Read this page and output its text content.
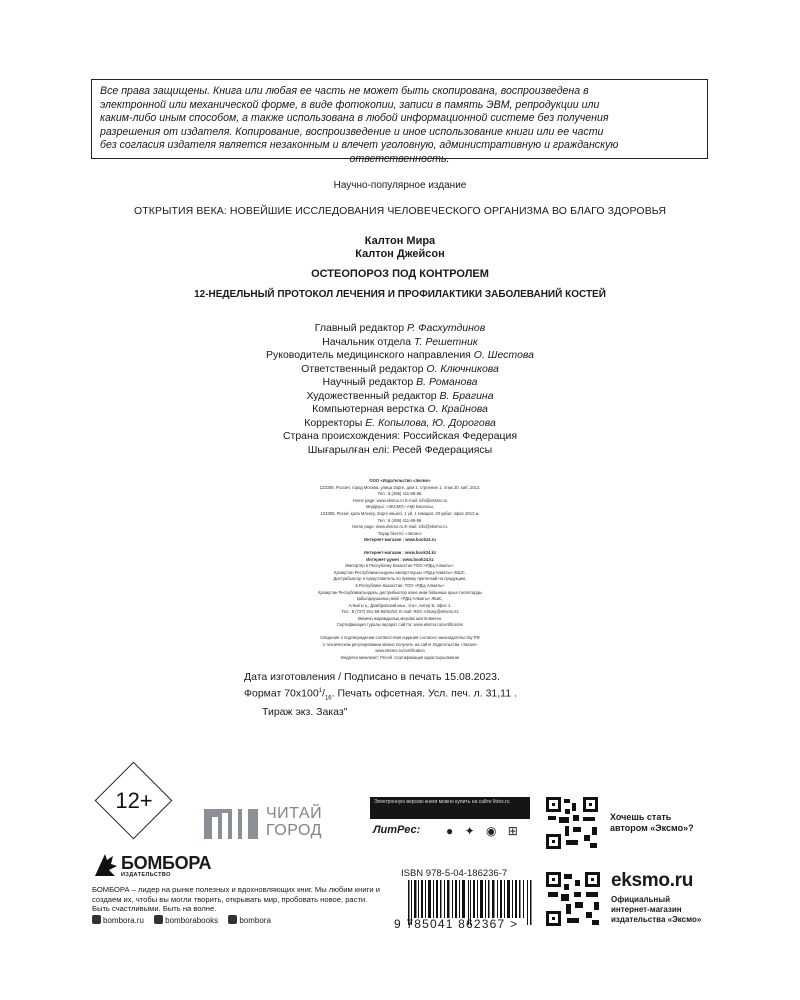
Все права защищены. Книга или любая ее часть не может быть скопирована, воспроизведена в
электронной или механической форме, в виде фотокопии, записи в память ЭВМ, репродукции или
каким-либо иным способом, а также использована в любой информационной системе без получения
разрешения от издателя. Копирование, воспроизведение и иное использование книги или ее части
без согласия издателя является незаконным и влечет уголовную, административную и гражданскую
ответственность.
Научно-популярное издание
ОТКРЫТИЯ ВЕКА: НОВЕЙШИЕ ИССЛЕДОВАНИЯ ЧЕЛОВЕЧЕСКОГО ОРГАНИЗМА ВО БЛАГО ЗДОРОВЬЯ
Калтон Мира
Калтон Джейсон
ОСТЕОПОРОЗ ПОД КОНТРОЛЕМ
12-НЕДЕЛЬНЫЙ ПРОТОКОЛ ЛЕЧЕНИЯ И ПРОФИЛАКТИКИ ЗАБОЛЕВАНИЙ КОСТЕЙ
Главный редактор Р. Фасхутдинов
Начальник отдела Т. Решетник
Руководитель медицинского направления О. Шестова
Ответственный редактор О. Ключникова
Научный редактор В. Романова
Художественный редактор В. Брагина
Компьютерная верстка О. Крайнова
Корректоры Е. Копылова, Ю. Дорогова
Страна происхождения: Российская Федерация
Шығарылған елі: Ресей Федерациясы
ООО «Издательство «Эксмо»
123308, Россия, город Москва, улица Зорге, дом 1, строение 1, этаж 20, каб. 2013.
Тел.: 8 (495) 411-68-86.
Home page: www.eksmo.ru E-mail: info@eksmo.ru
Өндіруші: «ЭКСМО» АҚБ Баспасы,
123308, Ресей, қала Мәскеу, Зорге көшесі, 1 үй, 1 ғимарат, 20 қабат, офис 2013 ж.
Тел.: 8 (495) 411-68-86.
Home page: www.eksmo.ru E-mail: info@eksmo.ru.
Тауар белгісі: «Эксмо»
Интернет-магазин : www.book24.ru
Интернет-магазин : www.book24.kz
Интернет-дүкен : www.book24.kz
Импортёр в Республику Казахстан ТОО «РДЦ-Алматы».
Қазақстан Республикасындағы импорттаушы «РДЦ-Алматы» ЖШС.
Дистрибьютор и представитель по приему претензий на продукцию,
в Республике Казахстан: ТОО «РДЦ-Алматы»
Қазақстан Республикасындағы дистрибьютор және өнім бойынша арыз-талаптарды
қабылдаушының өкілі «РДЦ-Алматы» ЖШС,
Алматы қ., Домбровский көш., 3-а», литер Б, офис 1.
Тел.: 8 (727) 251-59-90/91/92; E-mail: RDC-Almaty@eksmo.kz
Өнімнің жарамдылық мерзімі шектелмеген.
Сертификация туралы ақпарат сайтта: www.eksmo.ru/certification
Сведения о подтверждении соответствия издания согласно законодательству РФ
о техническом регулировании можно получить на сайте Издательства «Эксмо»
www.eksmo.ru/certification
Өндірген мемлекет: Ресей. Сертификация қарастырылмаған
Дата изготовления / Подписано в печать 15.08.2023.
Формат $70x100^1/_{16}$. Печать офсетная. Усл. печ. л. 31,11 .
Тираж экз. Заказ"
12+
ЧИТАЙ
ГОРОД
Электронную версию книги можно купить на сайте litres.ru
ЛитРес: ● ✦ ◉ ⊞
Хочешь стать
автором «Эксмо»?
eksmo.ru
Официальный
интернет-магазин
издательства «Эксмо»
БОМБОРА
ИЗДАТЕЛЬСТВО
БОМБОРА – лидер на рынке полезных и вдохновляющих книг. Мы любим книги и создаем их, чтобы вы могли творить, открывать мир, пробовать новое, расти. Быть счастливыми. Быть на волне.
bombora.ru	bomborabooks	bombora
ISBN 978-5-04-186236-7
9 785041 862367 >
